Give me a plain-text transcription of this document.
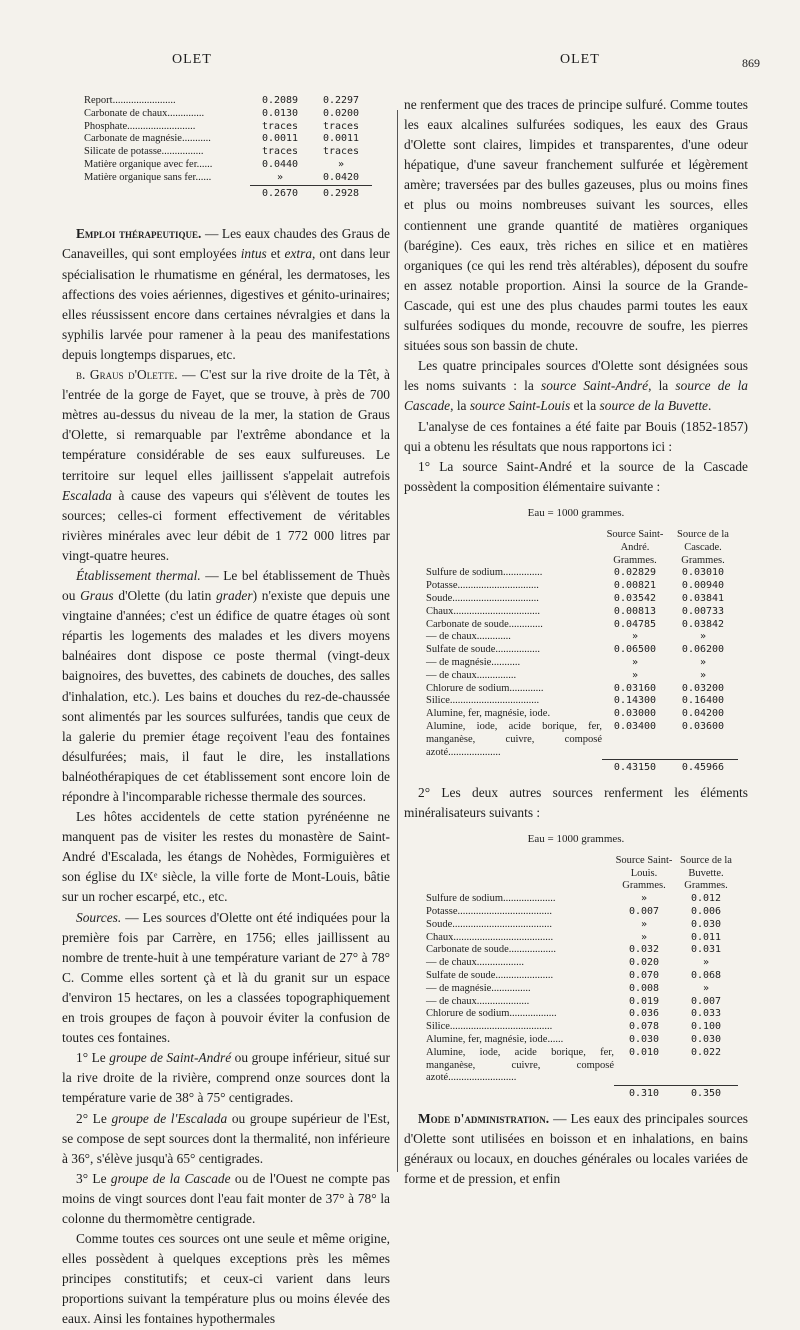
OLET	OLET	869
Report........................	0.2089	0.2297
Carbonate de chaux..............	0.0130	0.0200
Phosphate..........................	traces	traces
Carbonate de magnésie...........	0.0011	0.0011
Silicate de potasse................	traces	traces
Matière organique avec fer......	0.0440	»
Matière organique sans fer......	»	0.0420
	0.2670	0.2928

Emploi thérapeutique. — Les eaux chaudes des Graus de Canaveilles, qui sont employées intus et extra, ont dans leur spécialisation le rhumatisme en général, les dermatoses, les affections des voies aériennes, digestives et génito-urinaires; elles réussissent encore dans certaines névralgies et dans la syphilis larvée pour ramener à la peau des manifestations depuis longtemps disparues, etc.

b. Graus d'Olette. — C'est sur la rive droite de la Têt, à l'entrée de la gorge de Fayet, que se trouve, à près de 700 mètres au-dessus du niveau de la mer, la station de Graus d'Olette, si remarquable par l'extrême abondance et la température considérable de ses eaux sulfureuses. Le territoire sur lequel elles jaillissent s'appelait autrefois Escalada à cause des vapeurs qui s'élèvent de toutes les sources; celles-ci forment effectivement de véritables rivières minérales avec leur débit de 1 772 000 litres par vingt-quatre heures.

Établissement thermal. — Le bel établissement de Thuès ou Graus d'Olette (du latin grader) n'existe que depuis une vingtaine d'années; c'est un édifice de quatre étages où sont répartis les logements des malades et les divers moyens balnéaires dont dispose ce poste thermal (vingt-deux baignoires, des buvettes, des cabinets de douches, des salles d'inhalation, etc.). Les bains et douches du rez-de-chaussée sont alimentés par les sources sulfurées, tandis que ceux de la galerie du premier étage reçoivent l'eau des fontaines désulfurées; mais, il faut le dire, les installations balnéothérapiques de cet établissement sont encore loin de répondre à l'incomparable richesse thermale des sources.

Les hôtes accidentels de cette station pyrénéenne ne manquent pas de visiter les restes du monastère de Saint-André d'Escalada, les étangs de Nohèdes, Formiguières et son église du IXᵉ siècle, la ville forte de Mont-Louis, bâtie sur un rocher escarpé, etc., etc.

Sources. — Les sources d'Olette ont été indiquées pour la première fois par Carrère, en 1756; elles jaillissent au nombre de trente-huit à une température variant de 27° à 78° C. Comme elles sortent çà et là du granit sur un espace d'environ 15 hectares, on les a classées topographiquement en trois groupes de façon à pouvoir éviter la confusion de toutes ces fontaines.

1° Le groupe de Saint-André ou groupe inférieur, situé sur la rive droite de la rivière, comprend onze sources dont la température varie de 38° à 75° centigrades.

2° Le groupe de l'Escalada ou groupe supérieur de l'Est, se compose de sept sources dont la thermalité, non inférieure à 36°, s'élève jusqu'à 65° centigrades.

3° Le groupe de la Cascade ou de l'Ouest ne compte pas moins de vingt sources dont l'eau fait monter de 37° à 78° la colonne du thermomètre centigrade.

Comme toutes ces sources ont une seule et même origine, elles possèdent à quelques exceptions près les mêmes principes constitutifs; et ceux-ci varient dans leurs proportions suivant la température plus ou moins élevée des eaux. Ainsi les fontaines hypothermales

ne renferment que des traces de principe sulfuré. Comme toutes les eaux alcalines sulfurées sodiques, les eaux des Graus d'Olette sont claires, limpides et transparentes, d'une odeur hépatique, d'une saveur franchement sulfurée et légèrement amère; traversées par des bulles gazeuses, plus ou moins fines et plus ou moins nombreuses suivant les sources, elles contiennent une grande quantité de matières organiques (barégine). Ces eaux, très riches en silice et en matières organiques (ce qui les rend très altérables), déposent du soufre en assez notable proportion. Ainsi la source de la Grande-Cascade, qui est une des plus chaudes parmi toutes les eaux sulfurées sodiques du monde, recouvre de soufre, les pierres situées sous son bassin de chute.

Les quatre principales sources d'Olette sont désignées sous les noms suivants : la source Saint-André, la source de la Cascade, la source Saint-Louis et la source de la Buvette.

L'analyse de ces fontaines a été faite par Bouis (1852-1857) qui a obtenu les résultats que nous rapportons ici :

1° La source Saint-André et la source de la Cascade possèdent la composition élémentaire suivante :

Eau = 1000 grammes.
	Source Saint-André.	Source de la Cascade.
	Grammes.	Grammes.
Sulfure de sodium...............	0.02829	0.03010
Potasse...............................	0.00821	0.00940
Soude.................................	0.03542	0.03841
Chaux.................................	0.00813	0.00733
Carbonate de soude.............	0.04785	0.03842
— de chaux.............	»	»
Sulfate de soude.................	0.06500	0.06200
— de magnésie...........	»	»
— de chaux...............	»	»
Chlorure de sodium.............	0.03160	0.03200
Silice..................................	0.14300	0.16400
Alumine, fer, magnésie, iode.	0.03000	0.04200
Alumine, iode, acide borique, fer, manganèse, cuivre, composé azoté....................	0.03400	0.03600
	0.43150	0.45966

2° Les deux autres sources renferment les éléments minéralisateurs suivants :

Eau = 1000 grammes.
	Source Saint-Louis.	Source de la Buvette.
	Grammes.	Grammes.
Sulfure de sodium....................	»	0.012
Potasse....................................	0.007	0.006
Soude......................................	»	0.030
Chaux......................................	»	0.011
Carbonate de soude..................	0.032	0.031
— de chaux..................	0.020	»
Sulfate de soude......................	0.070	0.068
— de magnésie...............	0.008	»
— de chaux....................	0.019	0.007
Chlorure de sodium..................	0.036	0.033
Silice.......................................	0.078	0.100
Alumine, fer, magnésie, iode......	0.030	0.030
Alumine, iode, acide borique, fer, manganèse, cuivre, composé azoté..........................	0.010	0.022
	0.310	0.350

Mode d'administration. — Les eaux des principales sources d'Olette sont utilisées en boisson et en inhalations, en bains généraux ou locaux, en douches générales ou locales variées de forme et de pression, et enfin
